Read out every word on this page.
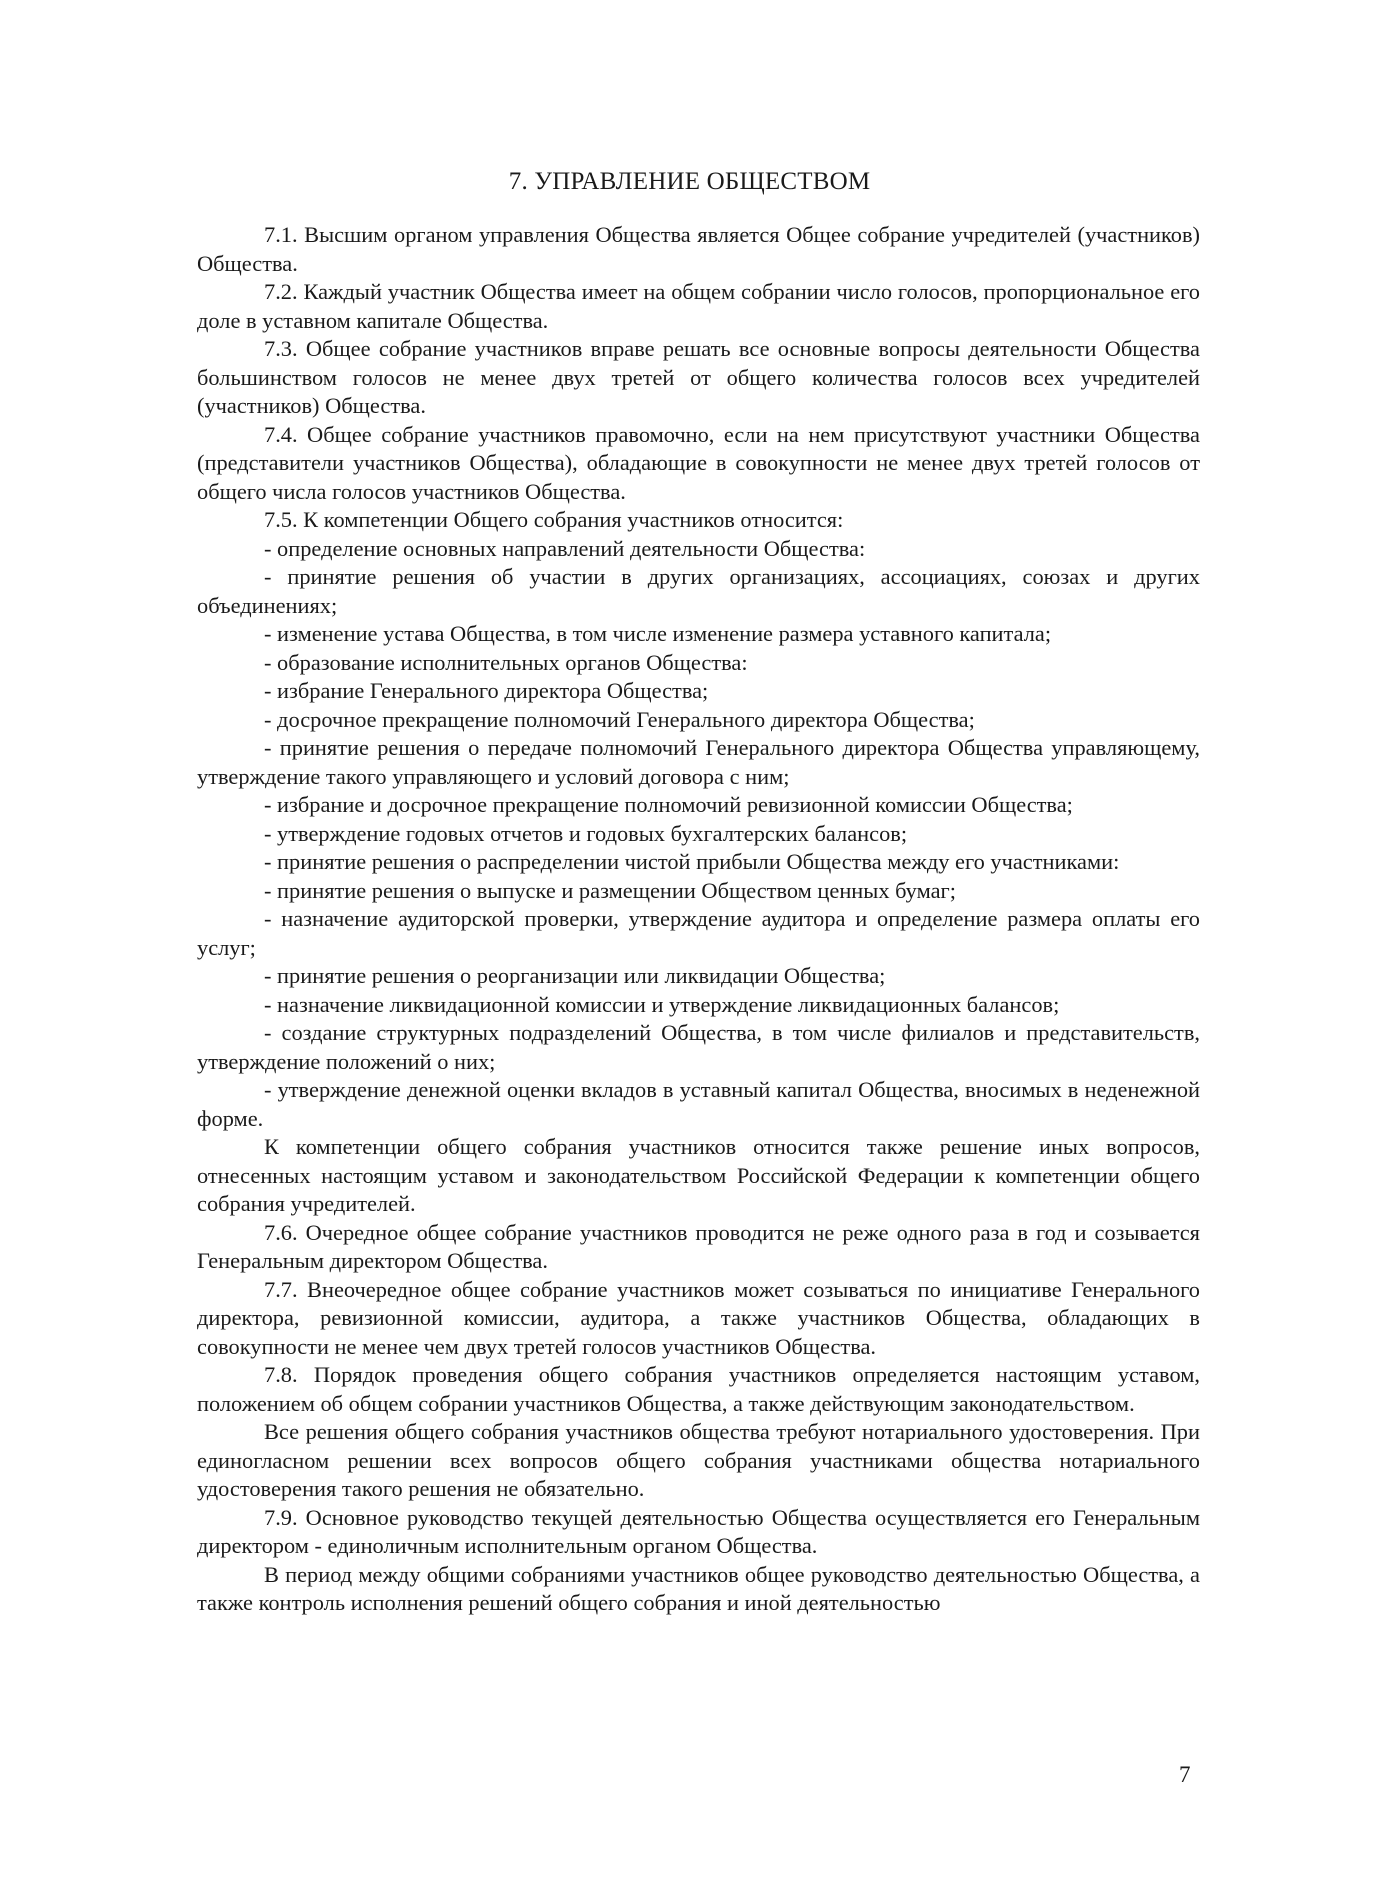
7. УПРАВЛЕНИЕ ОБЩЕСТВОМ

7.1. Высшим органом управления Общества является Общее собрание учредителей (участников) Общества.

7.2. Каждый участник Общества имеет на общем собрании число голосов, пропорциональное его доле в уставном капитале Общества.

7.3. Общее собрание участников вправе решать все основные вопросы деятельности Общества большинством голосов не менее двух третей от общего количества голосов всех учредителей (участников) Общества.

7.4. Общее собрание участников правомочно, если на нем присутствуют участники Общества (представители участников Общества), обладающие в совокупности не менее двух третей голосов от общего числа голосов участников Общества.

7.5. К компетенции Общего собрания участников относится:

- определение основных направлений деятельности Общества:

- принятие решения об участии в других организациях, ассоциациях, союзах и других объединениях;

- изменение устава Общества, в том числе изменение размера уставного капитала;

- образование исполнительных органов Общества:

- избрание Генерального директора Общества;

- досрочное прекращение полномочий Генерального директора Общества;

- принятие решения о передаче полномочий Генерального директора Общества управляющему, утверждение такого управляющего и условий договора с ним;

- избрание и досрочное прекращение полномочий ревизионной комиссии Общества;

- утверждение годовых отчетов и годовых бухгалтерских балансов;

- принятие решения о распределении чистой прибыли Общества между его участниками:

- принятие решения о выпуске и размещении Обществом ценных бумаг;

- назначение аудиторской проверки, утверждение аудитора и определение размера оплаты его услуг;

- принятие решения о реорганизации или ликвидации Общества;

- назначение ликвидационной комиссии и утверждение ликвидационных балансов;

- создание структурных подразделений Общества, в том числе филиалов и представительств, утверждение положений о них;

- утверждение денежной оценки вкладов в уставный капитал Общества, вносимых в неденежной форме.

К компетенции общего собрания участников относится также решение иных вопросов, отнесенных настоящим уставом и законодательством Российской Федерации к компетенции общего собрания учредителей.

7.6. Очередное общее собрание участников проводится не реже одного раза в год и созывается Генеральным директором Общества.

7.7. Внеочередное общее собрание участников может созываться по инициативе Генерального директора, ревизионной комиссии, аудитора, а также участников Общества, обладающих в совокупности не менее чем двух третей голосов участников Общества.

7.8. Порядок проведения общего собрания участников определяется настоящим уставом, положением об общем собрании участников Общества, а также действующим законодательством.

Все решения общего собрания участников общества требуют нотариального удостоверения. При единогласном решении всех вопросов общего собрания участниками общества нотариального удостоверения такого решения не обязательно.

7.9. Основное руководство текущей деятельностью Общества осуществляется его Генеральным директором - единоличным исполнительным органом Общества.

В период между общими собраниями участников общее руководство деятельностью Общества, а также контроль исполнения решений общего собрания и иной деятельностью

7
